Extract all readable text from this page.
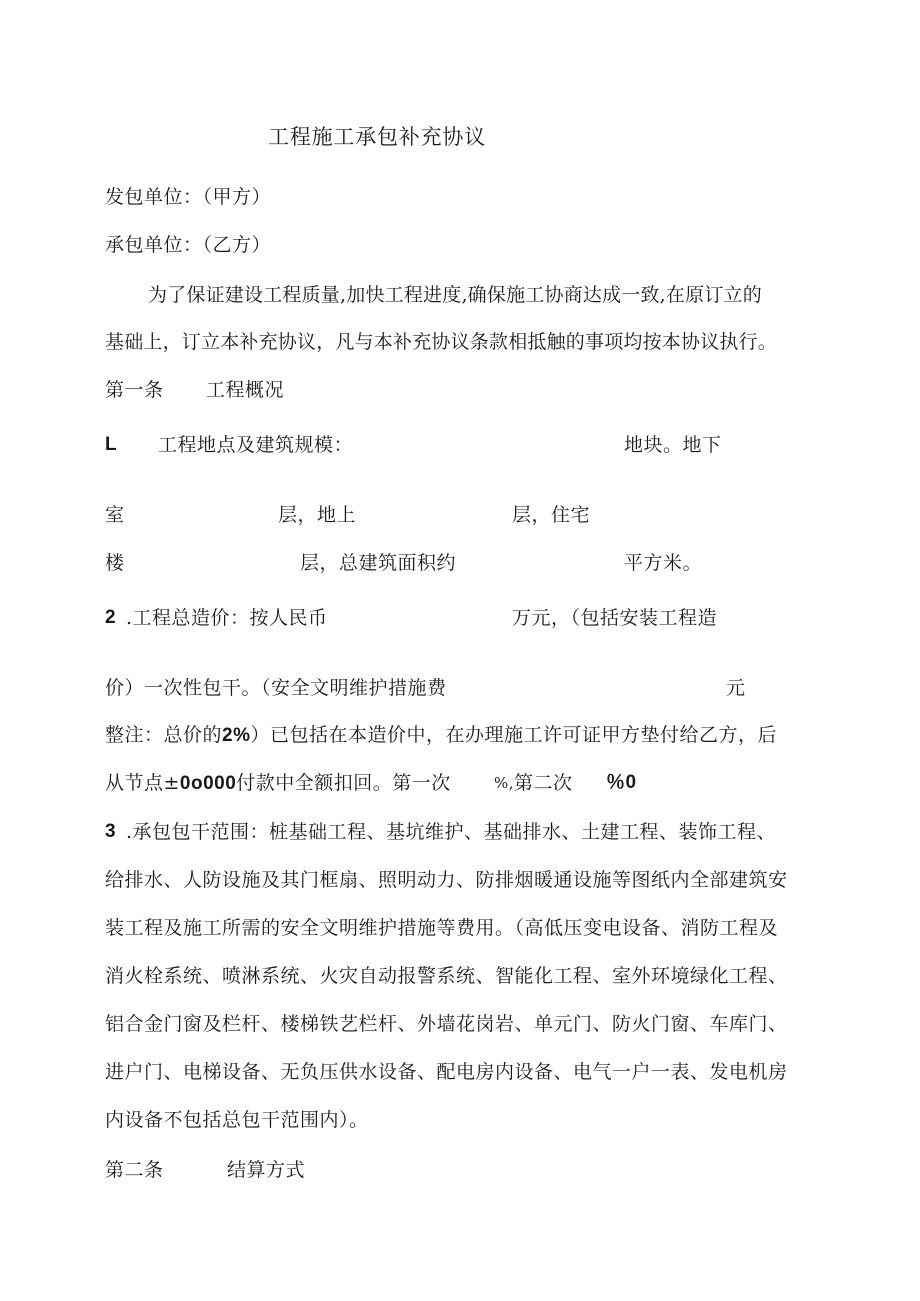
工程施工承包补充协议
发包单位：（甲方）
承包单位：（乙方）
为了保证建设工程质量,加快工程进度,确保施工协商达成一致,在原订立的
基础上，订立本补充协议，凡与本补充协议条款相抵触的事项均按本协议执行。
第一条 工程概况
L 工程地点及建筑规模：	地块。地下
室	层，地上	层，住宅
楼	层，总建筑面积约	平方米。
2 .工程总造价：按人民币	万元，（包括安装工程造
价）一次性包干。（安全文明维护措施费	元
整注：总价的2%）已包括在本造价中，在办理施工许可证甲方垫付给乙方，后
从节点±0o000付款中全额扣回。第一次	%, 第二次 ％0
3 .承包包干范围：桩基础工程、基坑维护、基础排水、土建工程、装饰工程、
给排水、人防设施及其门框扇、照明动力、防排烟暖通设施等图纸内全部建筑安
装工程及施工所需的安全文明维护措施等费用。（高低压变电设备、消防工程及
消火栓系统、喷淋系统、火灾自动报警系统、智能化工程、室外环境绿化工程、
铝合金门窗及栏杆、楼梯铁艺栏杆、外墙花岗岩、单元门、防火门窗、车库门、
进户门、电梯设备、无负压供水设备、配电房内设备、电气一户一表、发电机房
内设备不包括总包干范围内）。
第二条	结算方式
